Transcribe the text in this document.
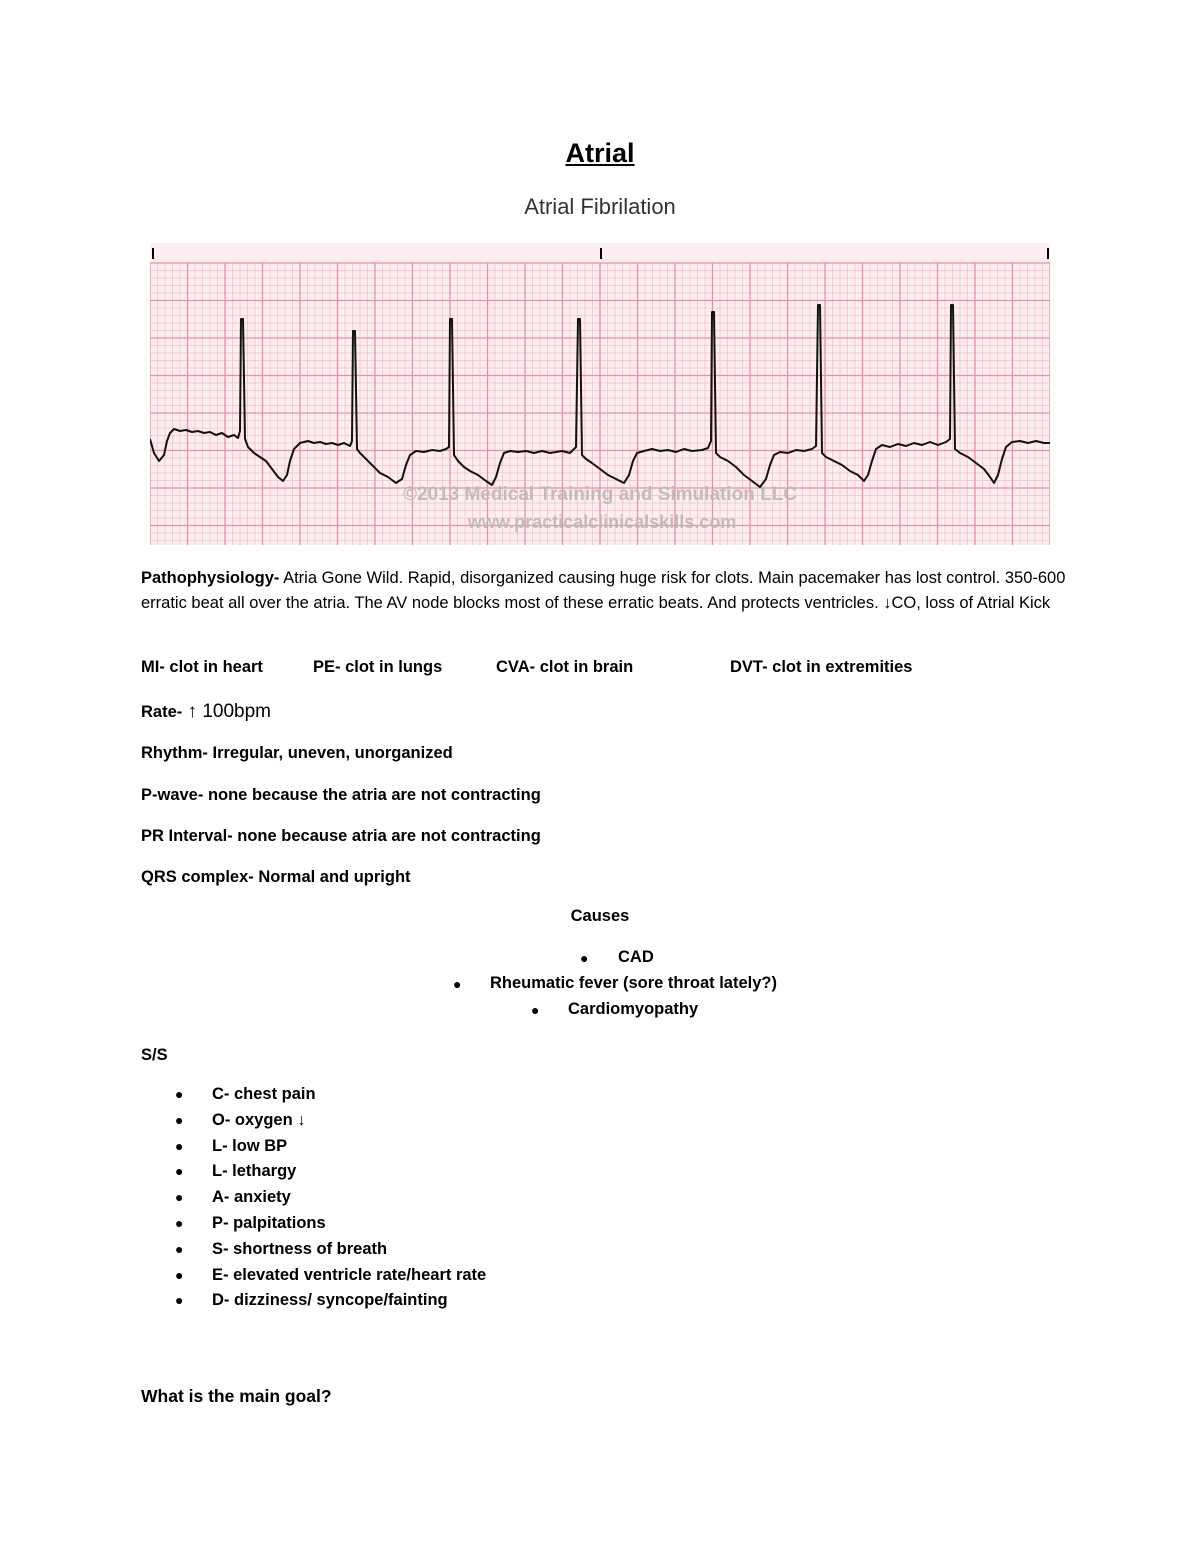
Atrial
Atrial Fibrilation
©2013 Medical Training and Simulation LLC
www.practicalclinicalskills.com
Pathophysiology- Atria Gone Wild. Rapid, disorganized causing huge risk for clots. Main pacemaker has lost control. 350-600 erratic beat all over the atria. The AV node blocks most of these erratic beats. And protects ventricles. ↓CO, loss of Atrial Kick
MI- clot in heart	PE- clot in lungs	CVA- clot in brain	DVT- clot in extremities
Rate- ↑ 100bpm
Rhythm- Irregular, uneven, unorganized
P-wave- none because the atria are not contracting
PR Interval- none because atria are not contracting
QRS complex- Normal and upright
Causes
● CAD
● Rheumatic fever (sore throat lately?)
● Cardiomyopathy
S/S
● C- chest pain
● O- oxygen ↓
● L- low BP
● L- lethargy
● A- anxiety
● P- palpitations
● S- shortness of breath
● E- elevated ventricle rate/heart rate
● D- dizziness/ syncope/fainting
What is the main goal?
